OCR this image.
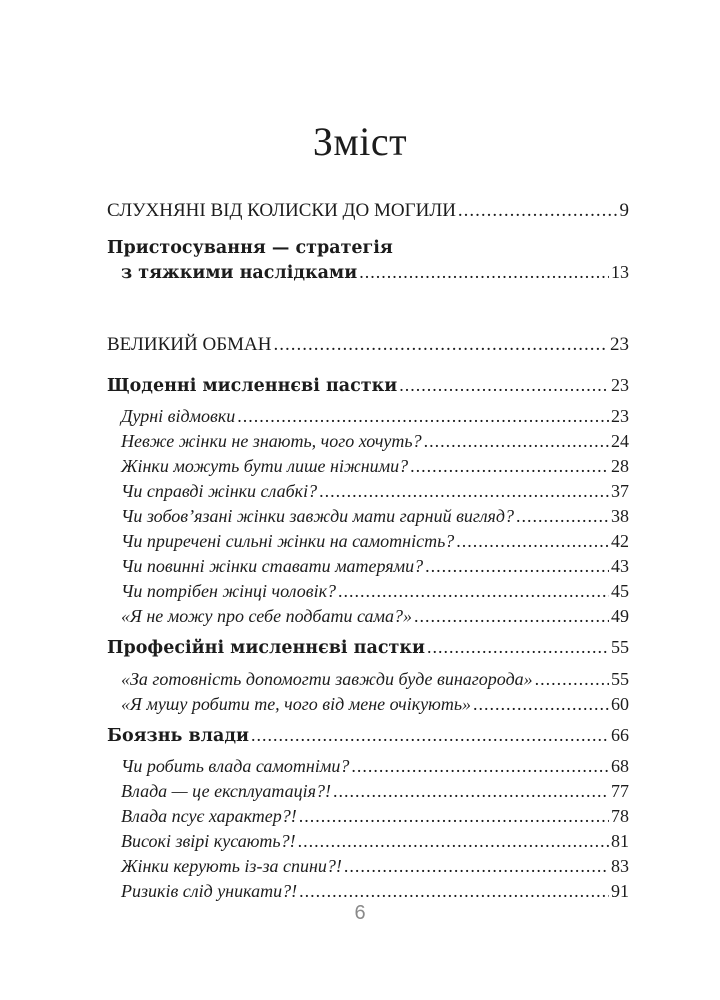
Зміст
СЛУХНЯНІ ВІД КОЛИСКИ ДО МОГИЛИ .....	9
Пристосування — стратегія
з тяжкими наслідками .....	13
ВЕЛИКИЙ ОБМАН .....	23
Щоденні мисленнєві пастки .....	23
Дурні відмовки .....	23
Невже жінки не знають, чого хочуть? .....	24
Жінки можуть бути лише ніжними? .....	28
Чи справді жінки слабкі? .....	37
Чи зобов’язані жінки завжди мати гарний вигляд? .....	38
Чи приречені сильні жінки на самотність? .....	42
Чи повинні жінки ставати матерями? .....	43
Чи потрібен жінці чоловік? .....	45
«Я не можу про себе подбати сама?» .....	49
Професійні мисленнєві пастки .....	55
«За готовність допомогти завжди буде винагорода» .....	55
«Я мушу робити те, чого від мене очікують» .....	60
Боязнь влади .....	66
Чи робить влада самотніми? .....	68
Влада — це експлуатація?! .....	77
Влада псує характер?! .....	78
Високі звірі кусають?! .....	81
Жінки керують із-за спини?! .....	83
Ризиків слід уникати?! .....	91
6
